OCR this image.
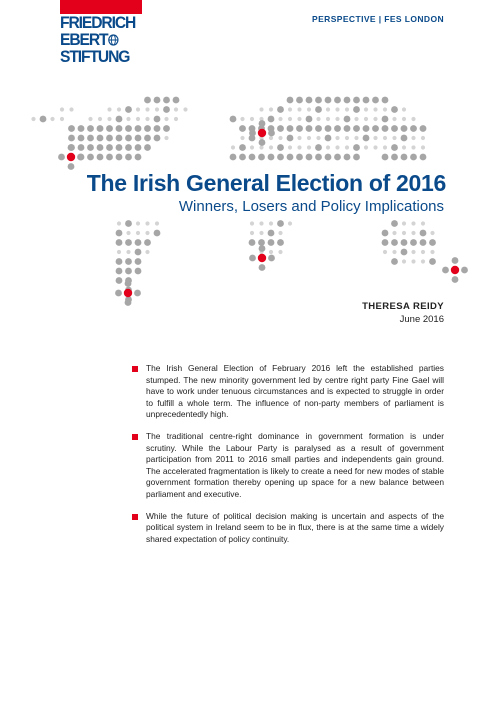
FRIEDRICH
EBERT
STIFTUNG
PERSPECTIVE | FES LONDON
The Irish General Election of 2016
Winners, Losers and Policy Implications
THERESA REIDY
June 2016
The Irish General Election of February 2016 left the established parties stumped. The new minority government led by centre right party Fine Gael will have to work under tenuous circumstances and is expected to struggle in order to fulfill a whole term. The influence of non-party members of parliament is unprecedentedly high.
The traditional centre-right dominance in government formation is under scrutiny. While the Labour Party is paralysed as a result of government participation from 2011 to 2016 small parties and independents gain ground. The accelerated fragmentation is likely to create a need for new modes of stable government formation thereby opening up space for a new balance between parliament and executive.
While the future of political decision making is uncertain and aspects of the political system in Ireland seem to be in flux, there is at the same time a widely shared expectation of policy continuity.
